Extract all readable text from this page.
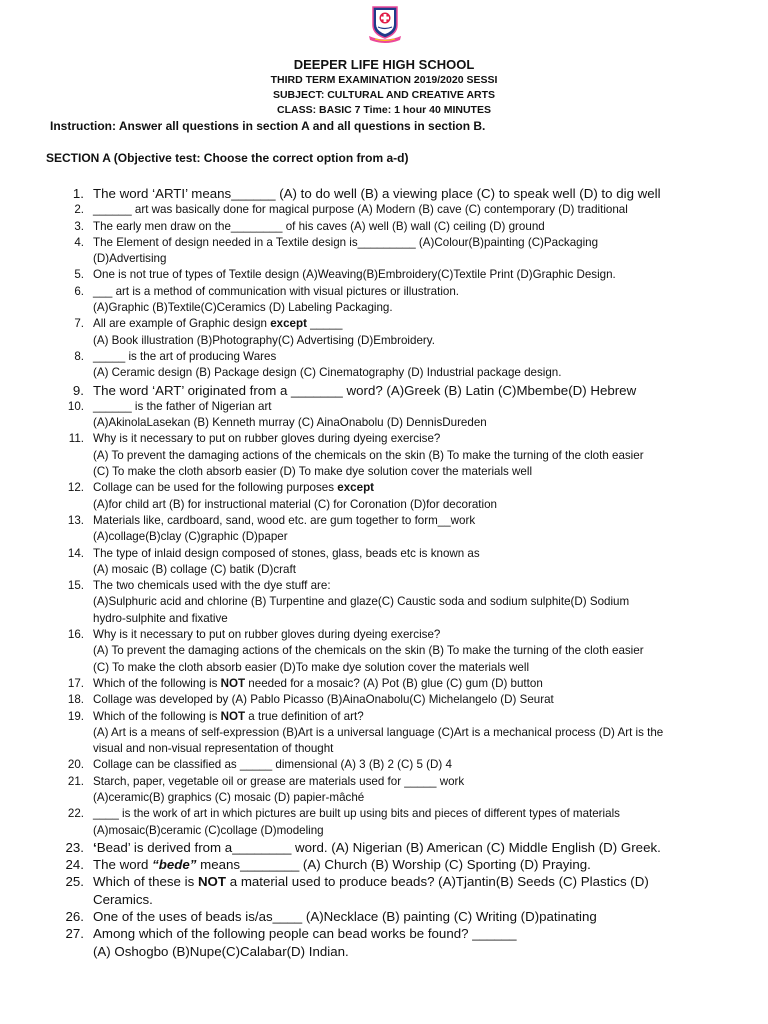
DEEPER LIFE HIGH SCHOOL
THIRD TERM EXAMINATION 2019/2020 SESSI
SUBJECT: CULTURAL AND CREATIVE ARTS
CLASS: BASIC 7 Time: 1 hour 40 MINUTES
Instruction: Answer all questions in section A and all questions in section B.
SECTION A (Objective test: Choose the correct option from a-d)
1. The word ‘ARTI’ means______ (A) to do well (B) a viewing place (C) to speak well (D) to dig well
2. ______ art was basically done for magical purpose (A) Modern (B) cave (C) contemporary (D) traditional
3. The early men draw on the________ of his caves (A) well (B) wall (C) ceiling (D) ground
4. The Element of design needed in a Textile design is_________ (A)Colour(B)painting (C)Packaging
(D)Advertising
5. One is not true of types of Textile design (A)Weaving(B)Embroidery(C)Textile Print (D)Graphic Design.
6. ___ art is a method of communication with visual pictures or illustration.
(A)Graphic (B)Textile(C)Ceramics (D) Labeling Packaging.
7. All are example of Graphic design except _____
(A) Book illustration (B)Photography(C) Advertising (D)Embroidery.
8. _____ is the art of producing Wares
(A) Ceramic design (B) Package design (C) Cinematography (D) Industrial package design.
9. The word ‘ART’ originated from a _______ word? (A)Greek (B) Latin (C)Mbembe(D) Hebrew
10. ______ is the father of Nigerian art
(A)AkinolaLasekan (B) Kenneth murray (C) AinaOnabolu (D) DennisDureden
11. Why is it necessary to put on rubber gloves during dyeing exercise?
(A) To prevent the damaging actions of the chemicals on the skin (B) To make the turning of the cloth easier
(C) To make the cloth absorb easier (D) To make dye solution cover the materials well
12. Collage can be used for the following purposes except
(A)for child art (B) for instructional material (C) for Coronation (D)for decoration
13. Materials like, cardboard, sand, wood etc. are gum together to form__work
(A)collage(B)clay (C)graphic (D)paper
14. The type of inlaid design composed of stones, glass, beads etc is known as
(A) mosaic (B) collage (C) batik (D)craft
15. The two chemicals used with the dye stuff are:
(A)Sulphuric acid and chlorine (B) Turpentine and glaze(C) Caustic soda and sodium sulphite(D) Sodium
hydro-sulphite and fixative
16. Why is it necessary to put on rubber gloves during dyeing exercise?
(A) To prevent the damaging actions of the chemicals on the skin (B) To make the turning of the cloth easier
(C) To make the cloth absorb easier (D)To make dye solution cover the materials well
17. Which of the following is NOT needed for a mosaic? (A) Pot (B) glue (C) gum (D) button
18. Collage was developed by (A) Pablo Picasso (B)AinaOnabolu(C) Michelangelo (D) Seurat
19. Which of the following is NOT a true definition of art?
(A) Art is a means of self-expression (B)Art is a universal language (C)Art is a mechanical process (D) Art is the
visual and non-visual representation of thought
20. Collage can be classified as _____ dimensional (A) 3 (B) 2 (C) 5 (D) 4
21. Starch, paper, vegetable oil or grease are materials used for _____ work
(A)ceramic(B) graphics (C) mosaic (D) papier-mâché
22. ____ is the work of art in which pictures are built up using bits and pieces of different types of materials
(A)mosaic(B)ceramic (C)collage (D)modeling
23. ‘Bead’ is derived from a________ word. (A) Nigerian (B) American (C) Middle English (D) Greek.
24. The word “bede” means________ (A) Church (B) Worship (C) Sporting (D) Praying.
25. Which of these is NOT a material used to produce beads? (A)Tjantin(B) Seeds (C) Plastics (D)
Ceramics.
26. One of the uses of beads is/as____ (A)Necklace (B) painting (C) Writing (D)patinating
27. Among which of the following people can bead works be found? ______
(A) Oshogbo (B)Nupe(C)Calabar(D) Indian.
